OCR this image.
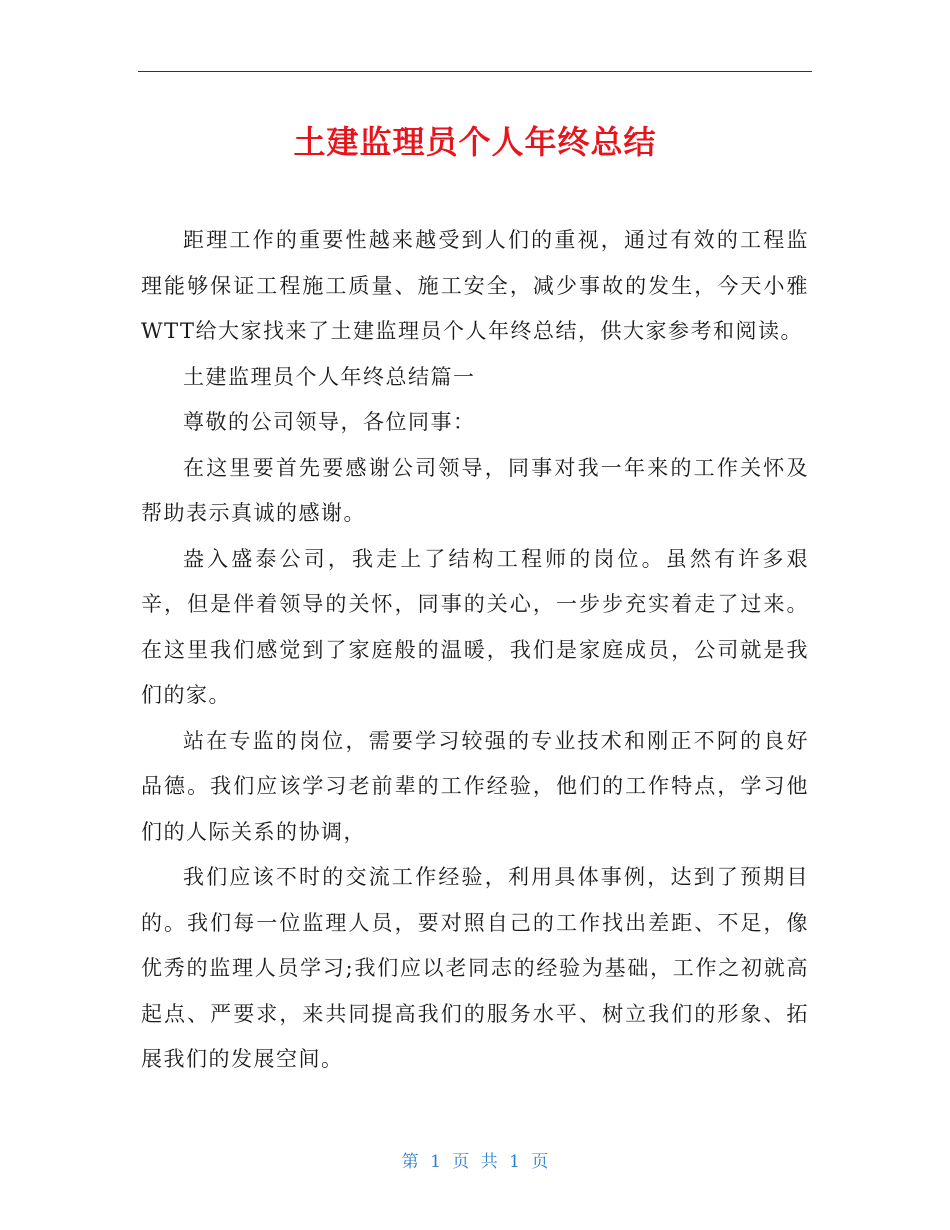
土建监理员个人年终总结

距理工作的重要性越来越受到人们的重视，通过有效的工程监理能够保证工程施工质量、施工安全，减少事故的发生，今天小雅WTT给大家找来了土建监理员个人年终总结，供大家参考和阅读。

土建监理员个人年终总结篇一

尊敬的公司领导，各位同事：

在这里要首先要感谢公司领导，同事对我一年来的工作关怀及帮助表示真诚的感谢。

盎入盛泰公司，我走上了结构工程师的岗位。虽然有许多艰辛，但是伴着领导的关怀，同事的关心，一步步充实着走了过来。在这里我们感觉到了家庭般的温暖，我们是家庭成员，公司就是我们的家。

站在专监的岗位，需要学习较强的专业技术和刚正不阿的良好品德。我们应该学习老前辈的工作经验，他们的工作特点，学习他们的人际关系的协调，

我们应该不时的交流工作经验，利用具体事例，达到了预期目的。我们每一位监理人员，要对照自己的工作找出差距、不足，像优秀的监理人员学习;我们应以老同志的经验为基础，工作之初就高起点、严要求，来共同提高我们的服务水平、树立我们的形象、拓展我们的发展空间。

第 1 页 共 1 页
